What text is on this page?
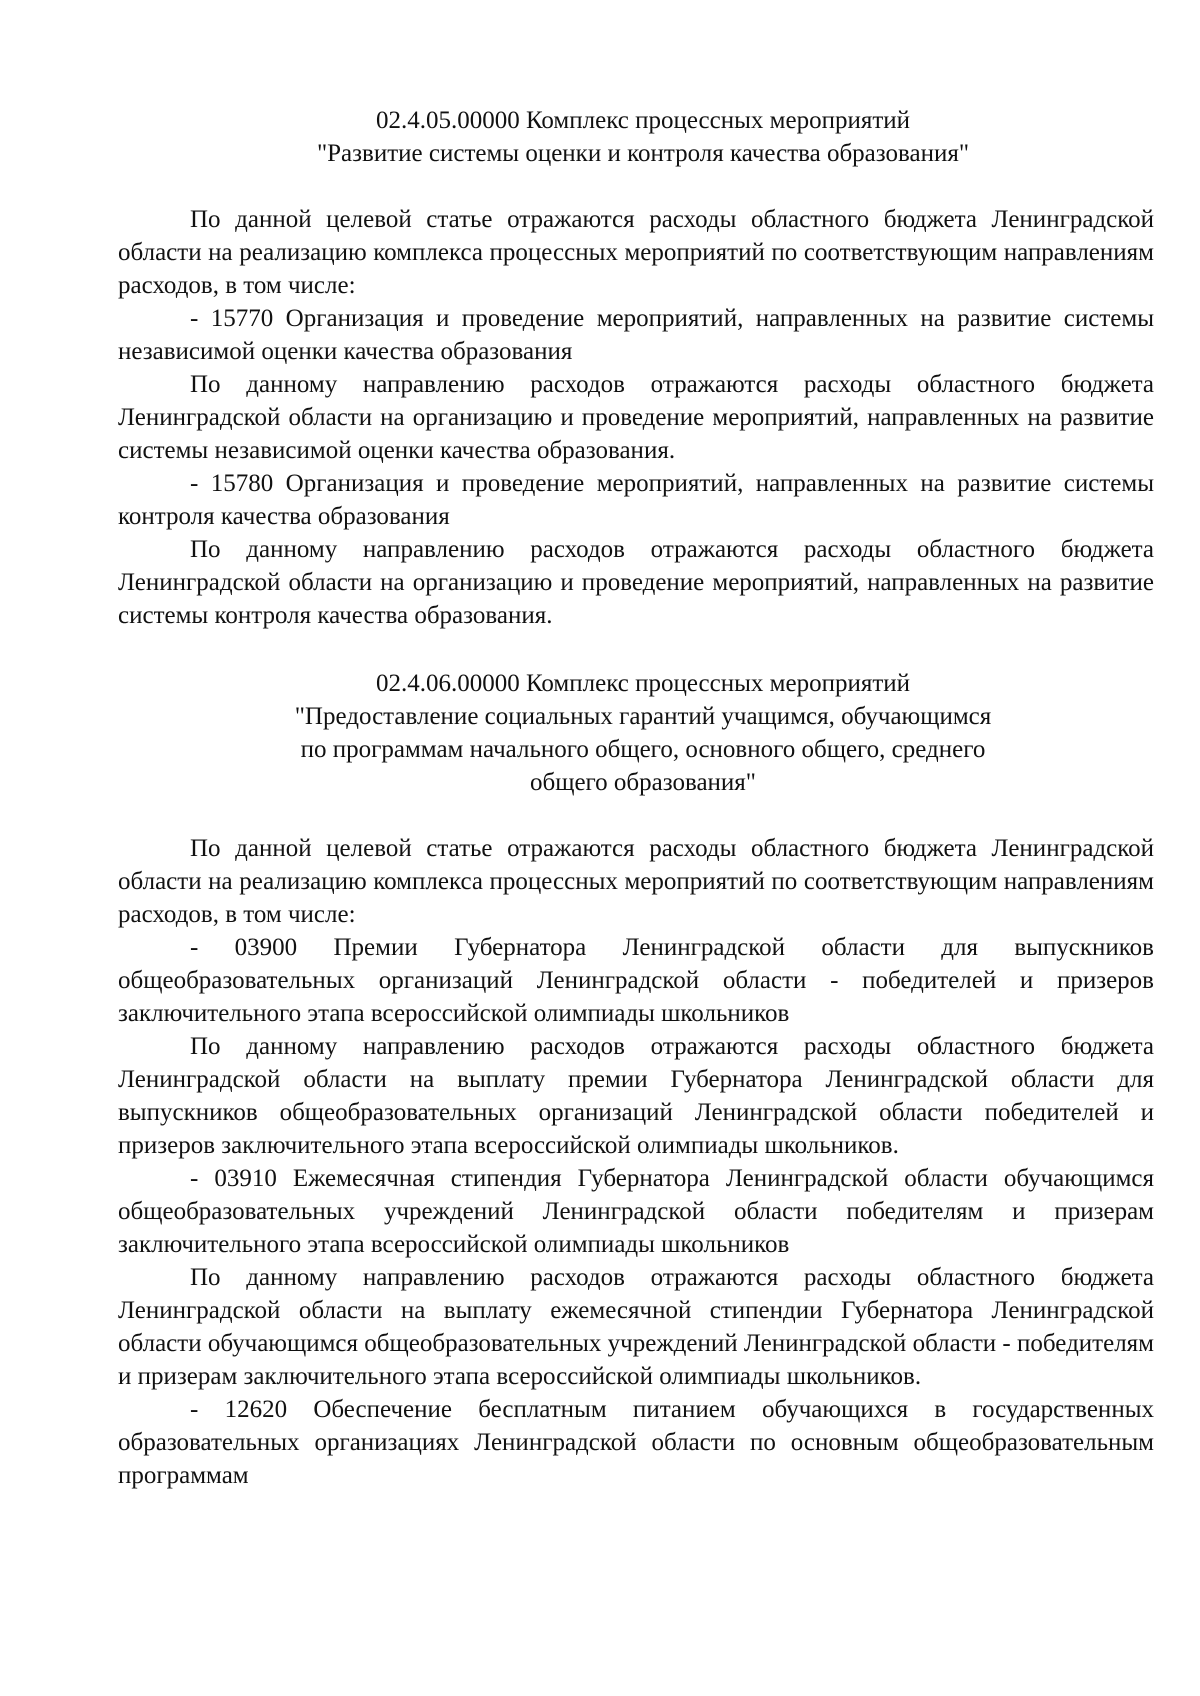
02.4.05.00000 Комплекс процессных мероприятий
"Развитие системы оценки и контроля качества образования"

По данной целевой статье отражаются расходы областного бюджета Ленинградской области на реализацию комплекса процессных мероприятий по соответствующим направлениям расходов, в том числе:

- 15770 Организация и проведение мероприятий, направленных на развитие системы независимой оценки качества образования

По данному направлению расходов отражаются расходы областного бюджета Ленинградской области на организацию и проведение мероприятий, направленных на развитие системы независимой оценки качества образования.

- 15780 Организация и проведение мероприятий, направленных на развитие системы контроля качества образования

По данному направлению расходов отражаются расходы областного бюджета Ленинградской области на организацию и проведение мероприятий, направленных на развитие системы контроля качества образования.

02.4.06.00000 Комплекс процессных мероприятий
"Предоставление социальных гарантий учащимся, обучающимся
по программам начального общего, основного общего, среднего
общего образования"

По данной целевой статье отражаются расходы областного бюджета Ленинградской области на реализацию комплекса процессных мероприятий по соответствующим направлениям расходов, в том числе:

- 03900 Премии Губернатора Ленинградской области для выпускников общеобразовательных организаций Ленинградской области - победителей и призеров заключительного этапа всероссийской олимпиады школьников

По данному направлению расходов отражаются расходы областного бюджета Ленинградской области на выплату премии Губернатора Ленинградской области для выпускников общеобразовательных организаций Ленинградской области победителей и призеров заключительного этапа всероссийской олимпиады школьников.

- 03910 Ежемесячная стипендия Губернатора Ленинградской области обучающимся общеобразовательных учреждений Ленинградской области победителям и призерам заключительного этапа всероссийской олимпиады школьников

По данному направлению расходов отражаются расходы областного бюджета Ленинградской области на выплату ежемесячной стипендии Губернатора Ленинградской области обучающимся общеобразовательных учреждений Ленинградской области - победителям и призерам заключительного этапа всероссийской олимпиады школьников.

- 12620 Обеспечение бесплатным питанием обучающихся в государственных образовательных организациях Ленинградской области по основным общеобразовательным программам
